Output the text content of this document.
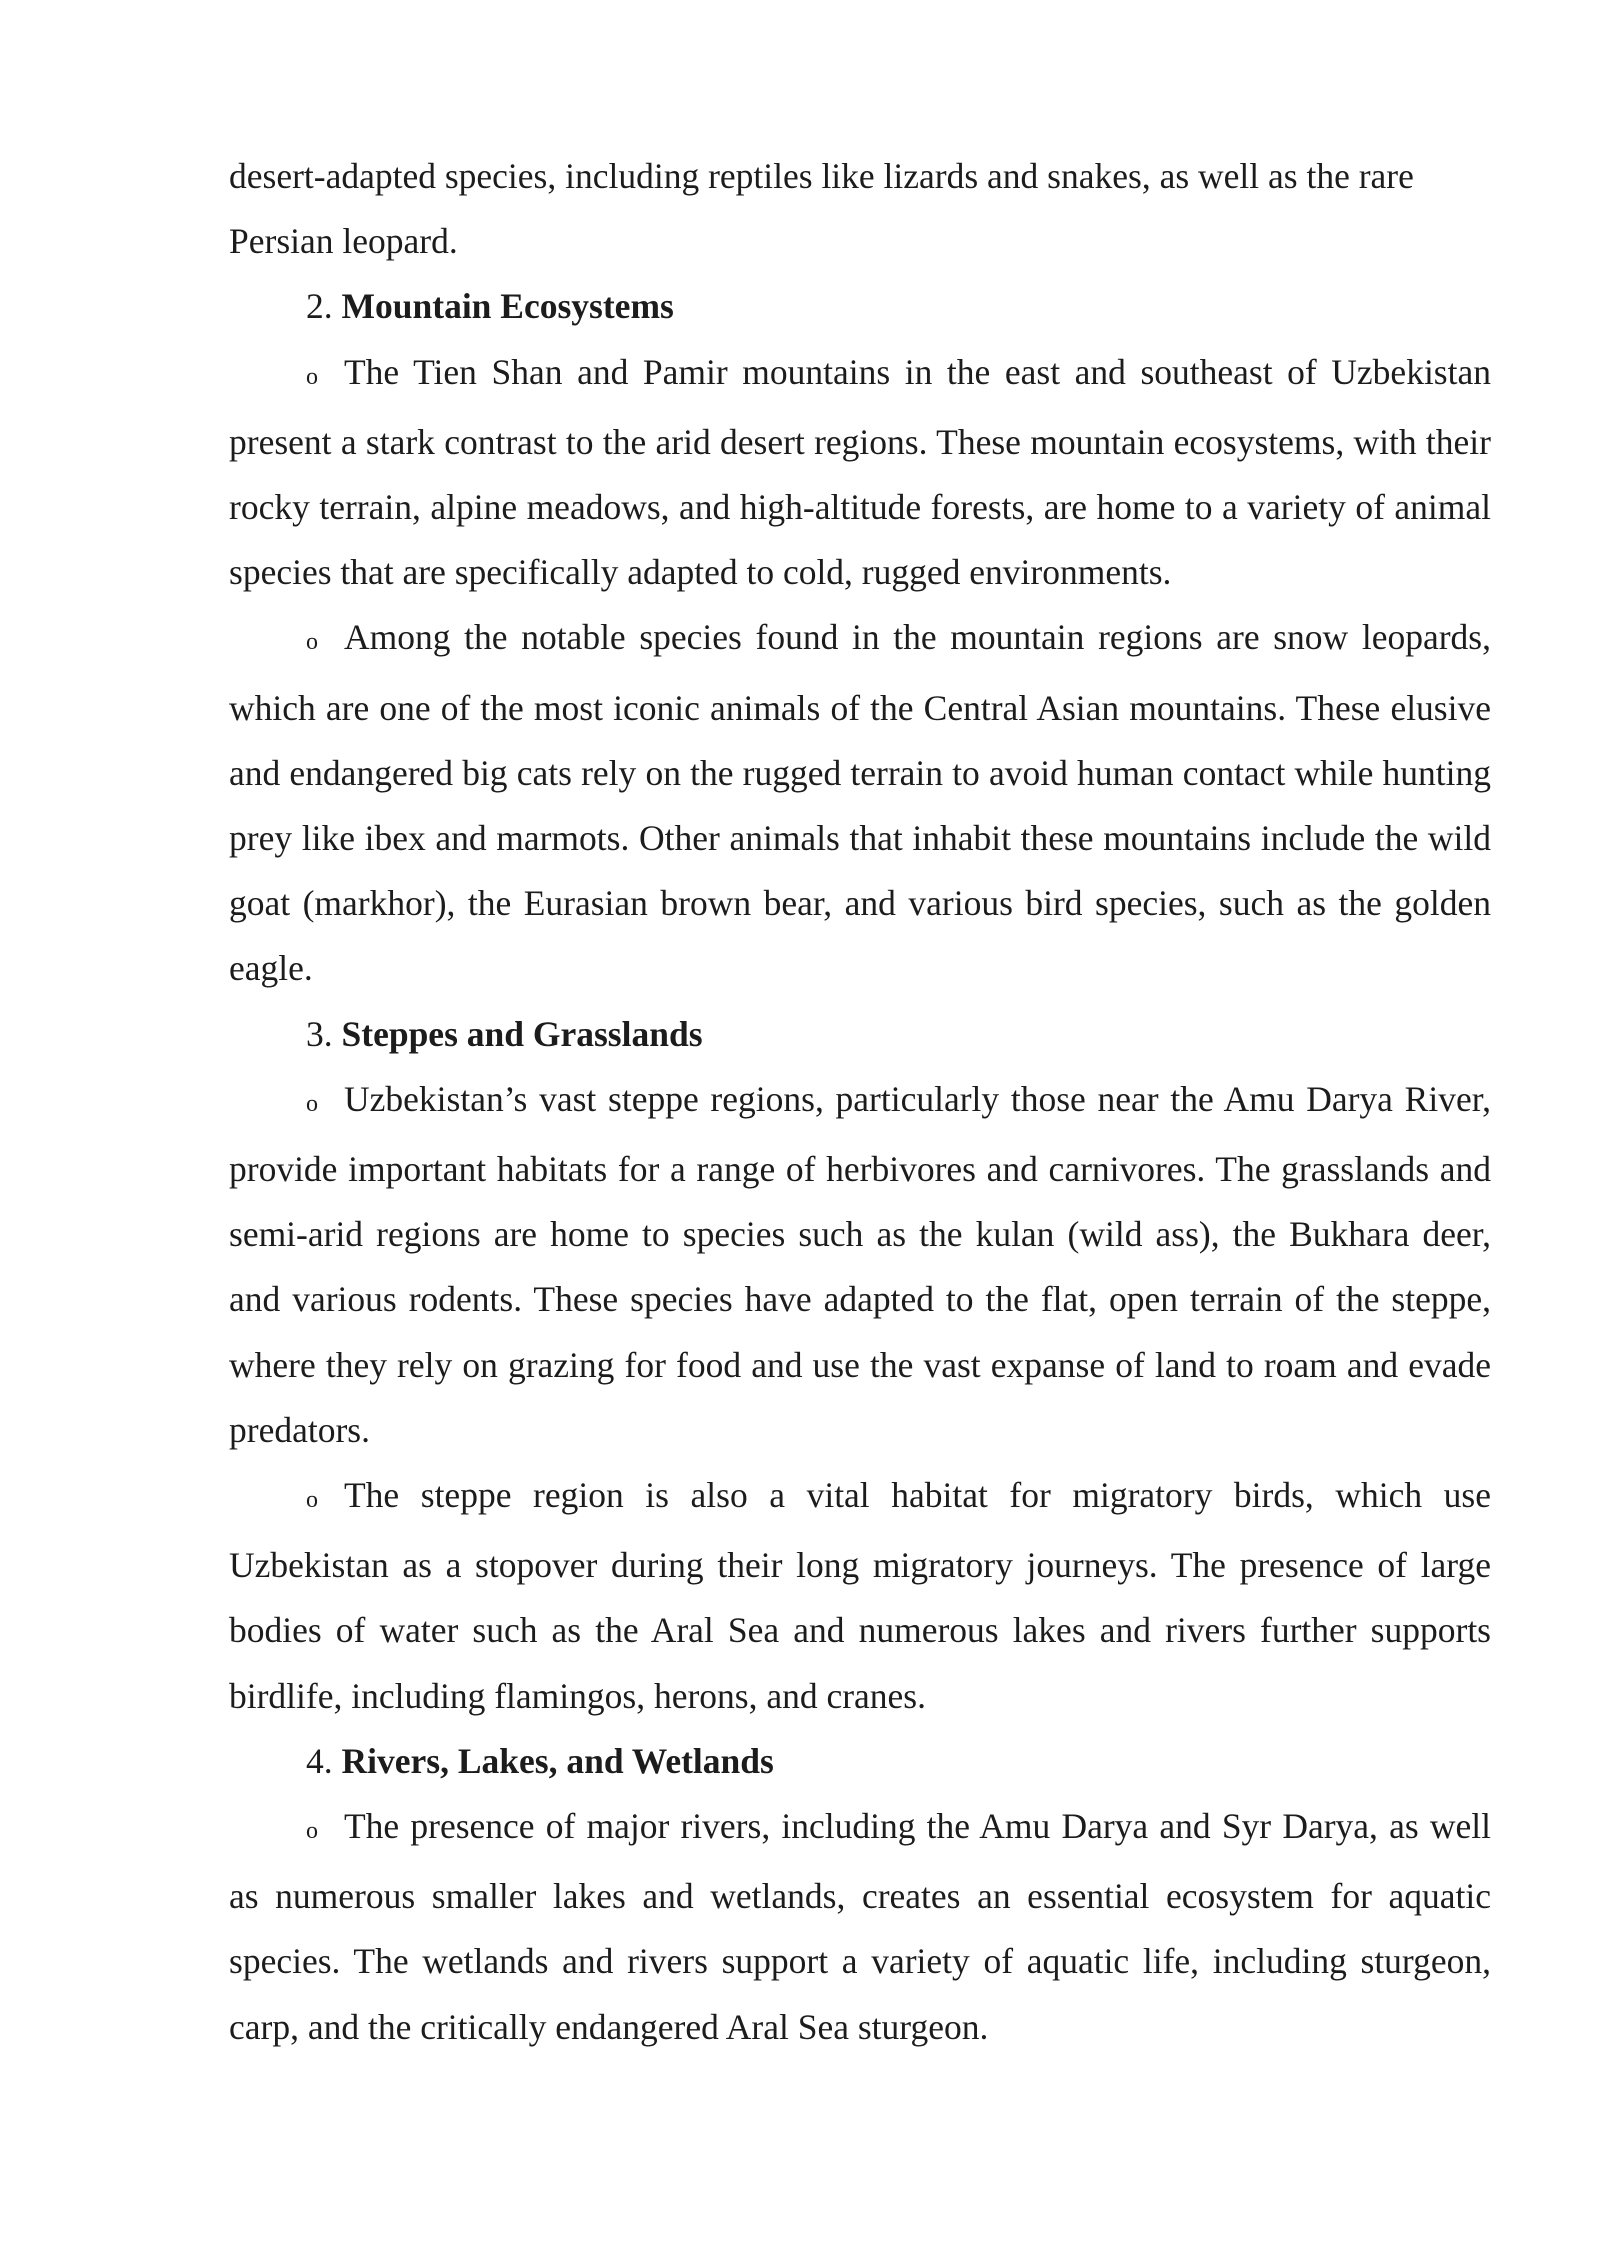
desert-adapted species, including reptiles like lizards and snakes, as well as the rare Persian leopard.

2. Mountain Ecosystems

o The Tien Shan and Pamir mountains in the east and southeast of Uzbekistan present a stark contrast to the arid desert regions. These mountain ecosystems, with their rocky terrain, alpine meadows, and high-altitude forests, are home to a variety of animal species that are specifically adapted to cold, rugged environments.

o Among the notable species found in the mountain regions are snow leopards, which are one of the most iconic animals of the Central Asian mountains. These elusive and endangered big cats rely on the rugged terrain to avoid human contact while hunting prey like ibex and marmots. Other animals that inhabit these mountains include the wild goat (markhor), the Eurasian brown bear, and various bird species, such as the golden eagle.

3. Steppes and Grasslands

o Uzbekistan’s vast steppe regions, particularly those near the Amu Darya River, provide important habitats for a range of herbivores and carnivores. The grasslands and semi-arid regions are home to species such as the kulan (wild ass), the Bukhara deer, and various rodents. These species have adapted to the flat, open terrain of the steppe, where they rely on grazing for food and use the vast expanse of land to roam and evade predators.

o The steppe region is also a vital habitat for migratory birds, which use Uzbekistan as a stopover during their long migratory journeys. The presence of large bodies of water such as the Aral Sea and numerous lakes and rivers further supports birdlife, including flamingos, herons, and cranes.

4. Rivers, Lakes, and Wetlands

o The presence of major rivers, including the Amu Darya and Syr Darya, as well as numerous smaller lakes and wetlands, creates an essential ecosystem for aquatic species. The wetlands and rivers support a variety of aquatic life, including sturgeon, carp, and the critically endangered Aral Sea sturgeon.
